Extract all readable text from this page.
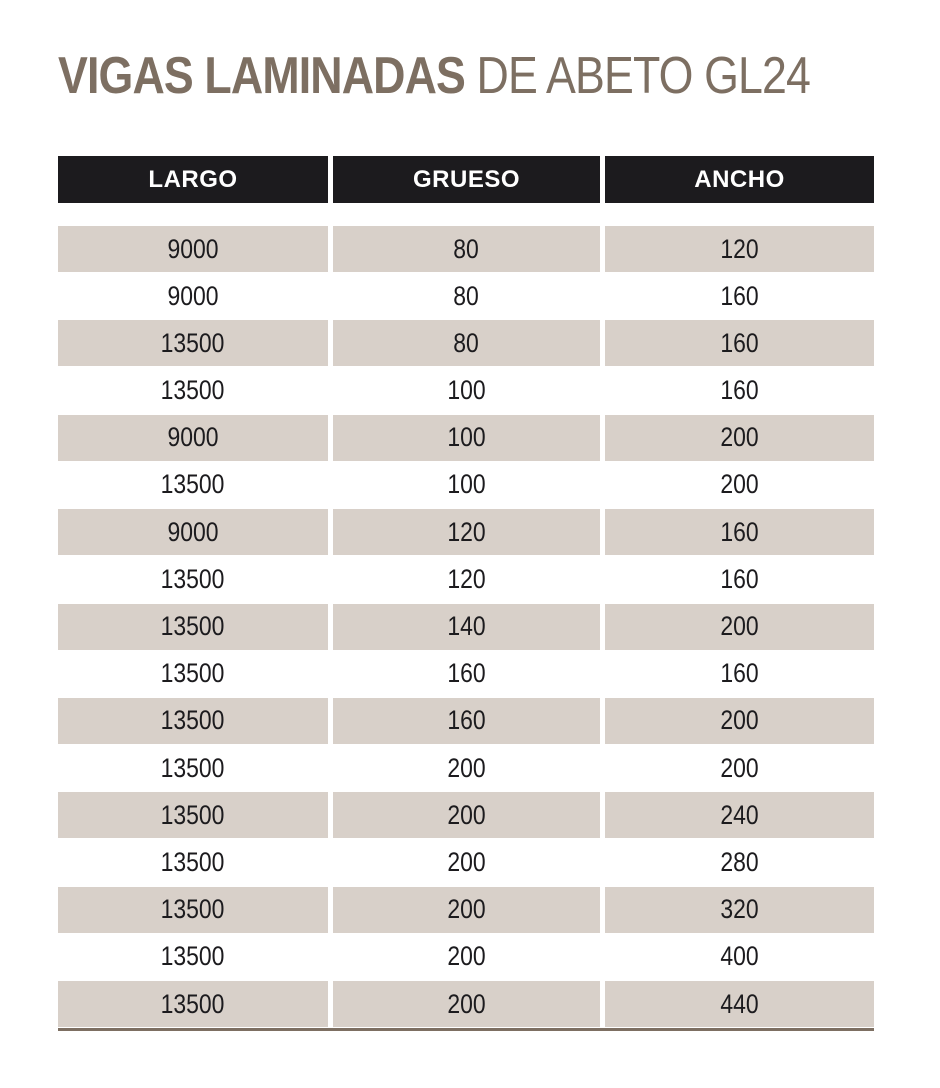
VIGAS LAMINADAS DE ABETO GL24
LARGO	GRUESO	ANCHO
9000	80	120
9000	80	160
13500	80	160
13500	100	160
9000	100	200
13500	100	200
9000	120	160
13500	120	160
13500	140	200
13500	160	160
13500	160	200
13500	200	200
13500	200	240
13500	200	280
13500	200	320
13500	200	400
13500	200	440
